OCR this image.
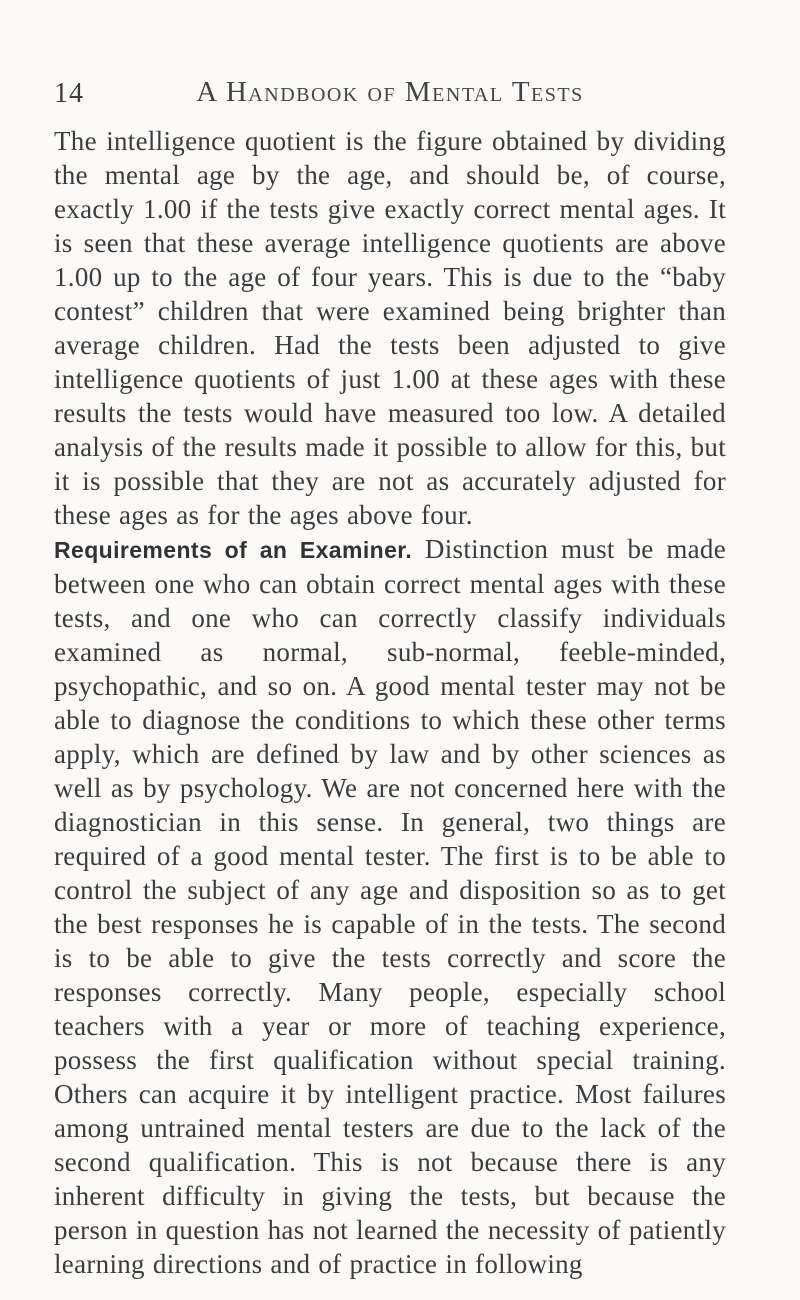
14	A Handbook of Mental Tests

The intelligence quotient is the figure obtained by dividing the mental age by the age, and should be, of course, exactly 1.00 if the tests give exactly correct mental ages. It is seen that these average intelligence quotients are above 1.00 up to the age of four years. This is due to the “baby contest” children that were examined being brighter than average children. Had the tests been adjusted to give intelligence quotients of just 1.00 at these ages with these results the tests would have measured too low. A detailed analysis of the results made it possible to allow for this, but it is possible that they are not as accurately adjusted for these ages as for the ages above four.

Requirements of an Examiner. Distinction must be made between one who can obtain correct mental ages with these tests, and one who can correctly classify individuals examined as normal, sub-normal, feeble-minded, psychopathic, and so on. A good mental tester may not be able to diagnose the conditions to which these other terms apply, which are defined by law and by other sciences as well as by psychology. We are not concerned here with the diagnostician in this sense. In general, two things are required of a good mental tester. The first is to be able to control the subject of any age and disposition so as to get the best responses he is capable of in the tests. The second is to be able to give the tests correctly and score the responses correctly. Many people, especially school teachers with a year or more of teaching experience, possess the first qualification without special training. Others can acquire it by intelligent practice. Most failures among untrained mental testers are due to the lack of the second qualification. This is not because there is any inherent difficulty in giving the tests, but because the person in question has not learned the necessity of patiently learning directions and of practice in following
